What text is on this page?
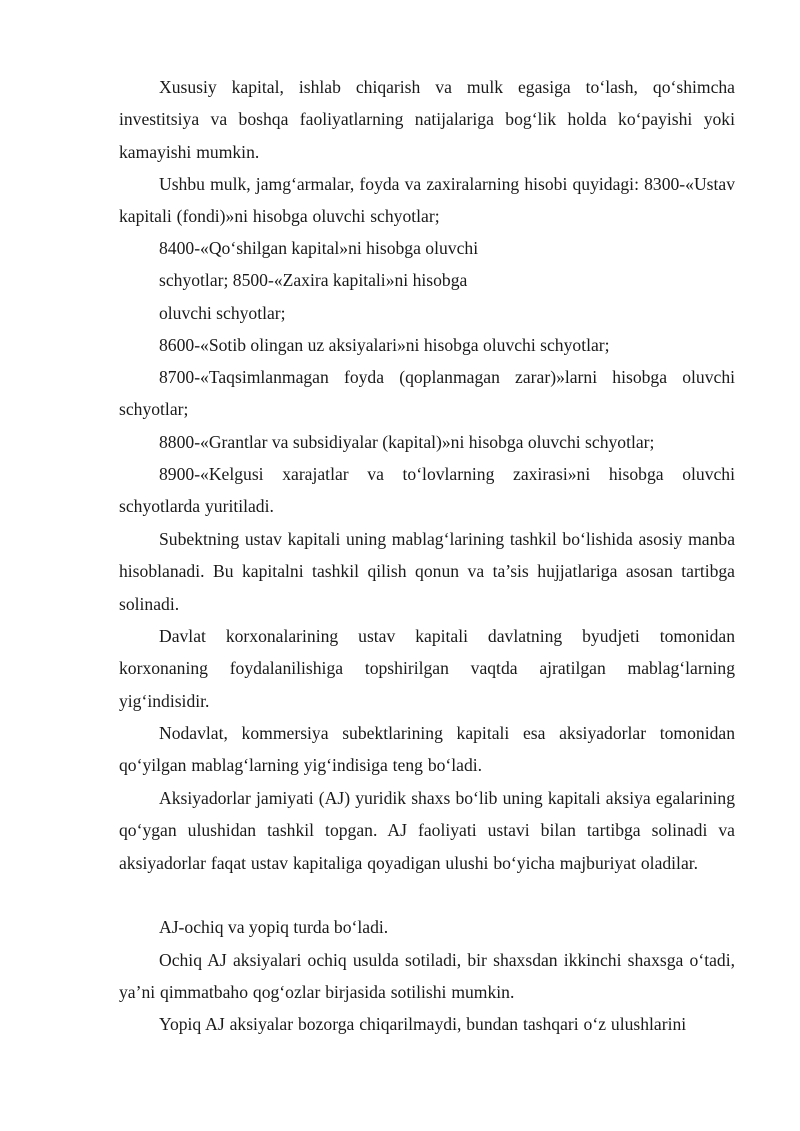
Xususiy kapital, ishlab chiqarish va mulk egasiga to‘lash, qo‘shimcha investitsiya va boshqa faoliyatlarning natijalariga bog‘lik holda ko‘payishi yoki kamayishi mumkin.

Ushbu mulk, jamg‘armalar, foyda va zaxiralarning hisobi quyidagi: 8300-«Ustav kapitali (fondi)»ni hisobga oluvchi schyotlar;

8400-«Qo‘shilgan kapital»ni hisobga oluvchi

schyotlar; 8500-«Zaxira kapitali»ni hisobga

oluvchi schyotlar;

8600-«Sotib olingan uz aksiyalari»ni hisobga oluvchi schyotlar;

8700-«Taqsimlanmagan foyda (qoplanmagan zarar)»larni hisobga oluvchi schyotlar;

8800-«Grantlar va subsidiyalar (kapital)»ni hisobga oluvchi schyotlar;

8900-«Kelgusi xarajatlar va to‘lovlarning zaxirasi»ni hisobga oluvchi schyotlarda yuritiladi.

Subektning ustav kapitali uning mablag‘larining tashkil bo‘lishida asosiy manba hisoblanadi. Bu kapitalni tashkil qilish qonun va ta’sis hujjatlariga asosan tartibga solinadi.

Davlat korxonalarining ustav kapitali davlatning byudjeti tomonidan korxonaning foydalanilishiga topshirilgan vaqtda ajratilgan mablag‘larning yig‘indisidir.

Nodavlat, kommersiya subektlarining kapitali esa aksiyadorlar tomonidan qo‘yilgan mablag‘larning yig‘indisiga teng bo‘ladi.

Aksiyadorlar jamiyati (AJ) yuridik shaxs bo‘lib uning kapitali aksiya egalarining qo‘ygan ulushidan tashkil topgan. AJ faoliyati ustavi bilan tartibga solinadi va aksiyadorlar faqat ustav kapitaliga qoyadigan ulushi bo‘yicha majburiyat oladilar.

AJ-ochiq va yopiq turda bo‘ladi.

Ochiq AJ aksiyalari ochiq usulda sotiladi, bir shaxsdan ikkinchi shaxsga o‘tadi, ya’ni qimmatbaho qog‘ozlar birjasida sotilishi mumkin.

Yopiq AJ aksiyalar bozorga chiqarilmaydi, bundan tashqari o‘z ulushlarini
